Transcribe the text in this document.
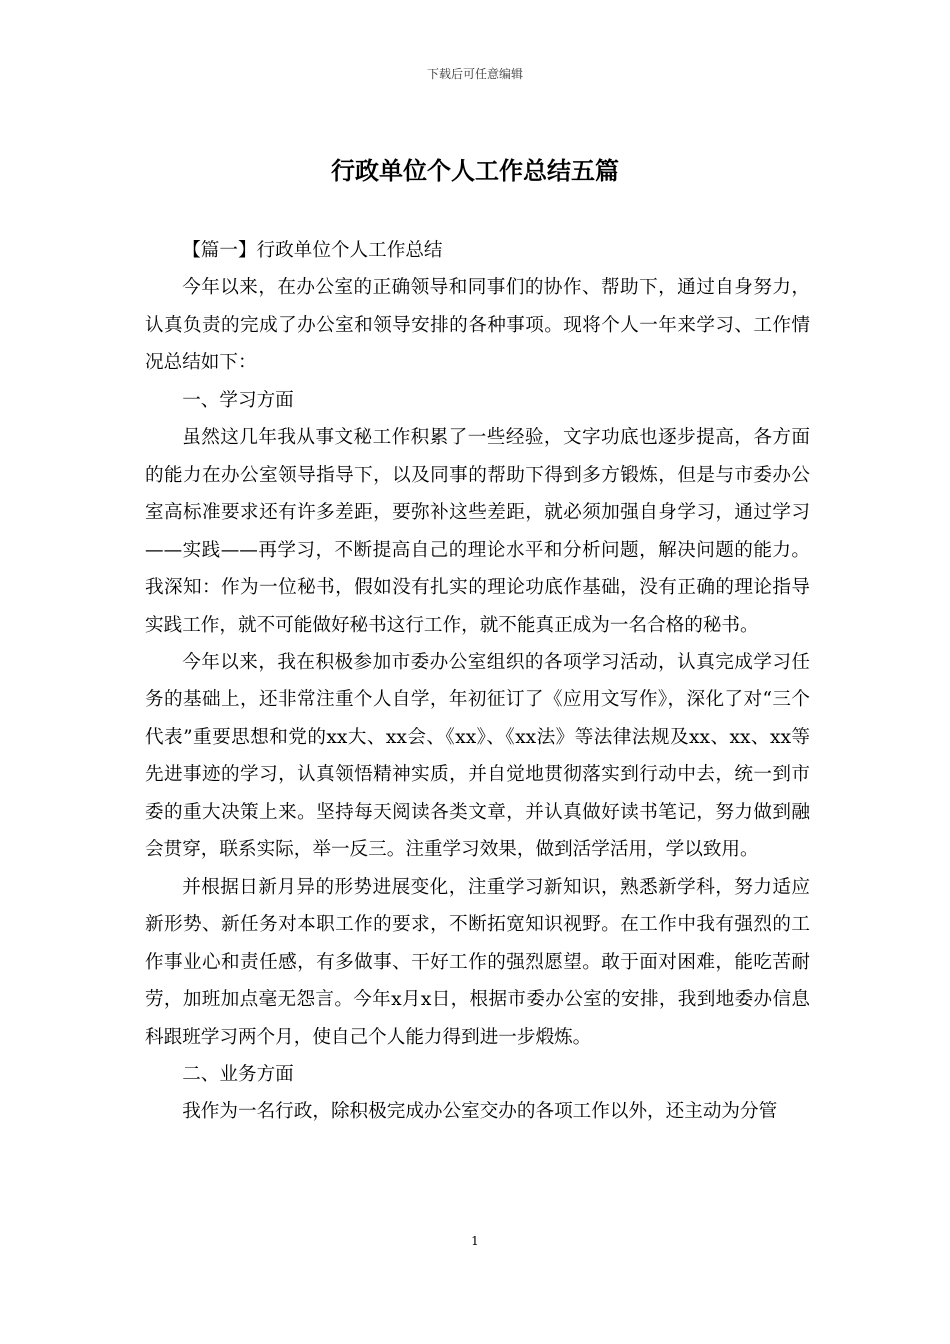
下载后可任意编辑
行政单位个人工作总结五篇

【篇一】行政单位个人工作总结

今年以来，在办公室的正确领导和同事们的协作、帮助下，通过自身努力，认真负责的完成了办公室和领导安排的各种事项。现将个人一年来学习、工作情况总结如下：

一、学习方面

虽然这几年我从事文秘工作积累了一些经验，文字功底也逐步提高，各方面的能力在办公室领导指导下，以及同事的帮助下得到多方锻炼，但是与市委办公室高标准要求还有许多差距，要弥补这些差距，就必须加强自身学习，通过学习——实践——再学习，不断提高自己的理论水平和分析问题，解决问题的能力。我深知：作为一位秘书，假如没有扎实的理论功底作基础，没有正确的理论指导实践工作，就不可能做好秘书这行工作，就不能真正成为一名合格的秘书。

今年以来，我在积极参加市委办公室组织的各项学习活动，认真完成学习任务的基础上，还非常注重个人自学，年初征订了《应用文写作》，深化了对“三个代表”重要思想和党的xx大、xx会、《xx》、《xx法》等法律法规及xx、xx、xx等先进事迹的学习，认真领悟精神实质，并自觉地贯彻落实到行动中去，统一到市委的重大决策上来。坚持每天阅读各类文章，并认真做好读书笔记，努力做到融会贯穿，联系实际，举一反三。注重学习效果，做到活学活用，学以致用。

并根据日新月异的形势进展变化，注重学习新知识，熟悉新学科，努力适应新形势、新任务对本职工作的要求，不断拓宽知识视野。在工作中我有强烈的工作事业心和责任感，有多做事、干好工作的强烈愿望。敢于面对困难，能吃苦耐劳，加班加点毫无怨言。今年x月x日，根据市委办公室的安排，我到地委办信息科跟班学习两个月，使自己个人能力得到进一步煅炼。

二、业务方面

我作为一名行政，除积极完成办公室交办的各项工作以外，还主动为分管

1
